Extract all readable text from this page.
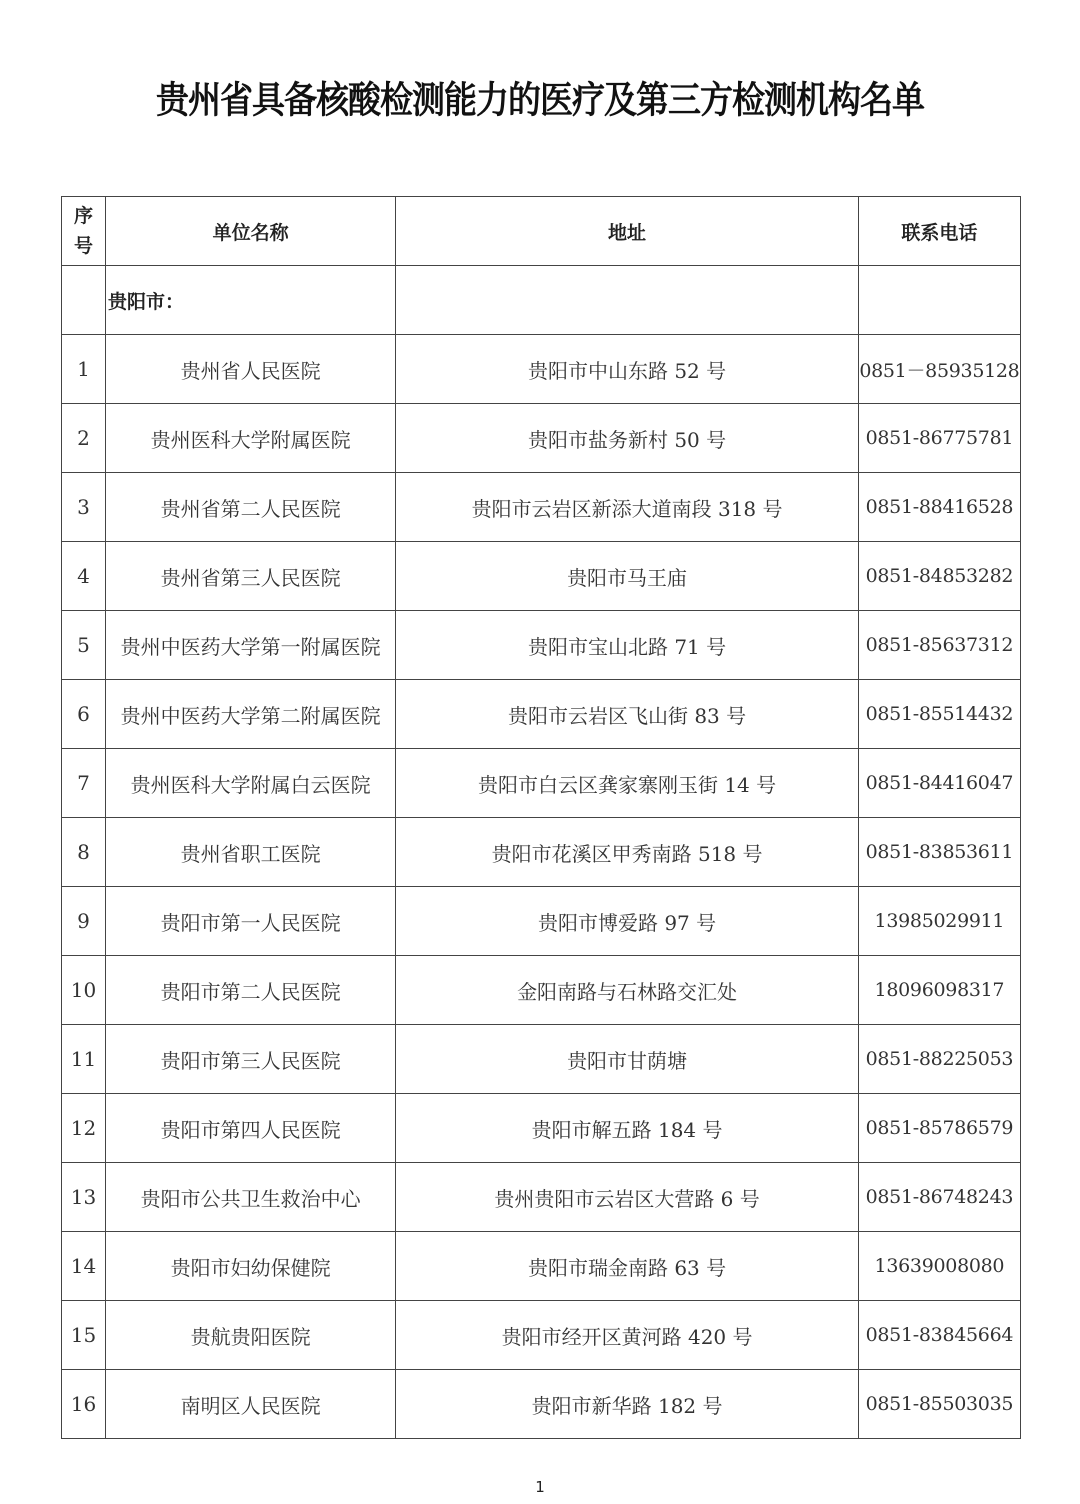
贵州省具备核酸检测能力的医疗及第三方检测机构名单
序号	单位名称	地址	联系电话
	贵阳市：		
1	贵州省人民医院	贵阳市中山东路 52 号	0851－85935128
2	贵州医科大学附属医院	贵阳市盐务新村 50 号	0851-86775781
3	贵州省第二人民医院	贵阳市云岩区新添大道南段 318 号	0851-88416528
4	贵州省第三人民医院	贵阳市马王庙	0851-84853282
5	贵州中医药大学第一附属医院	贵阳市宝山北路 71 号	0851-85637312
6	贵州中医药大学第二附属医院	贵阳市云岩区飞山街 83 号	0851-85514432
7	贵州医科大学附属白云医院	贵阳市白云区龚家寨刚玉街 14 号	0851-84416047
8	贵州省职工医院	贵阳市花溪区甲秀南路 518 号	0851-83853611
9	贵阳市第一人民医院	贵阳市博爱路 97 号	13985029911
10	贵阳市第二人民医院	金阳南路与石林路交汇处	18096098317
11	贵阳市第三人民医院	贵阳市甘荫塘	0851-88225053
12	贵阳市第四人民医院	贵阳市解五路 184 号	0851-85786579
13	贵阳市公共卫生救治中心	贵州贵阳市云岩区大营路 6 号	0851-86748243
14	贵阳市妇幼保健院	贵阳市瑞金南路 63 号	13639008080
15	贵航贵阳医院	贵阳市经开区黄河路 420 号	0851-83845664
16	南明区人民医院	贵阳市新华路 182 号	0851-85503035
1
